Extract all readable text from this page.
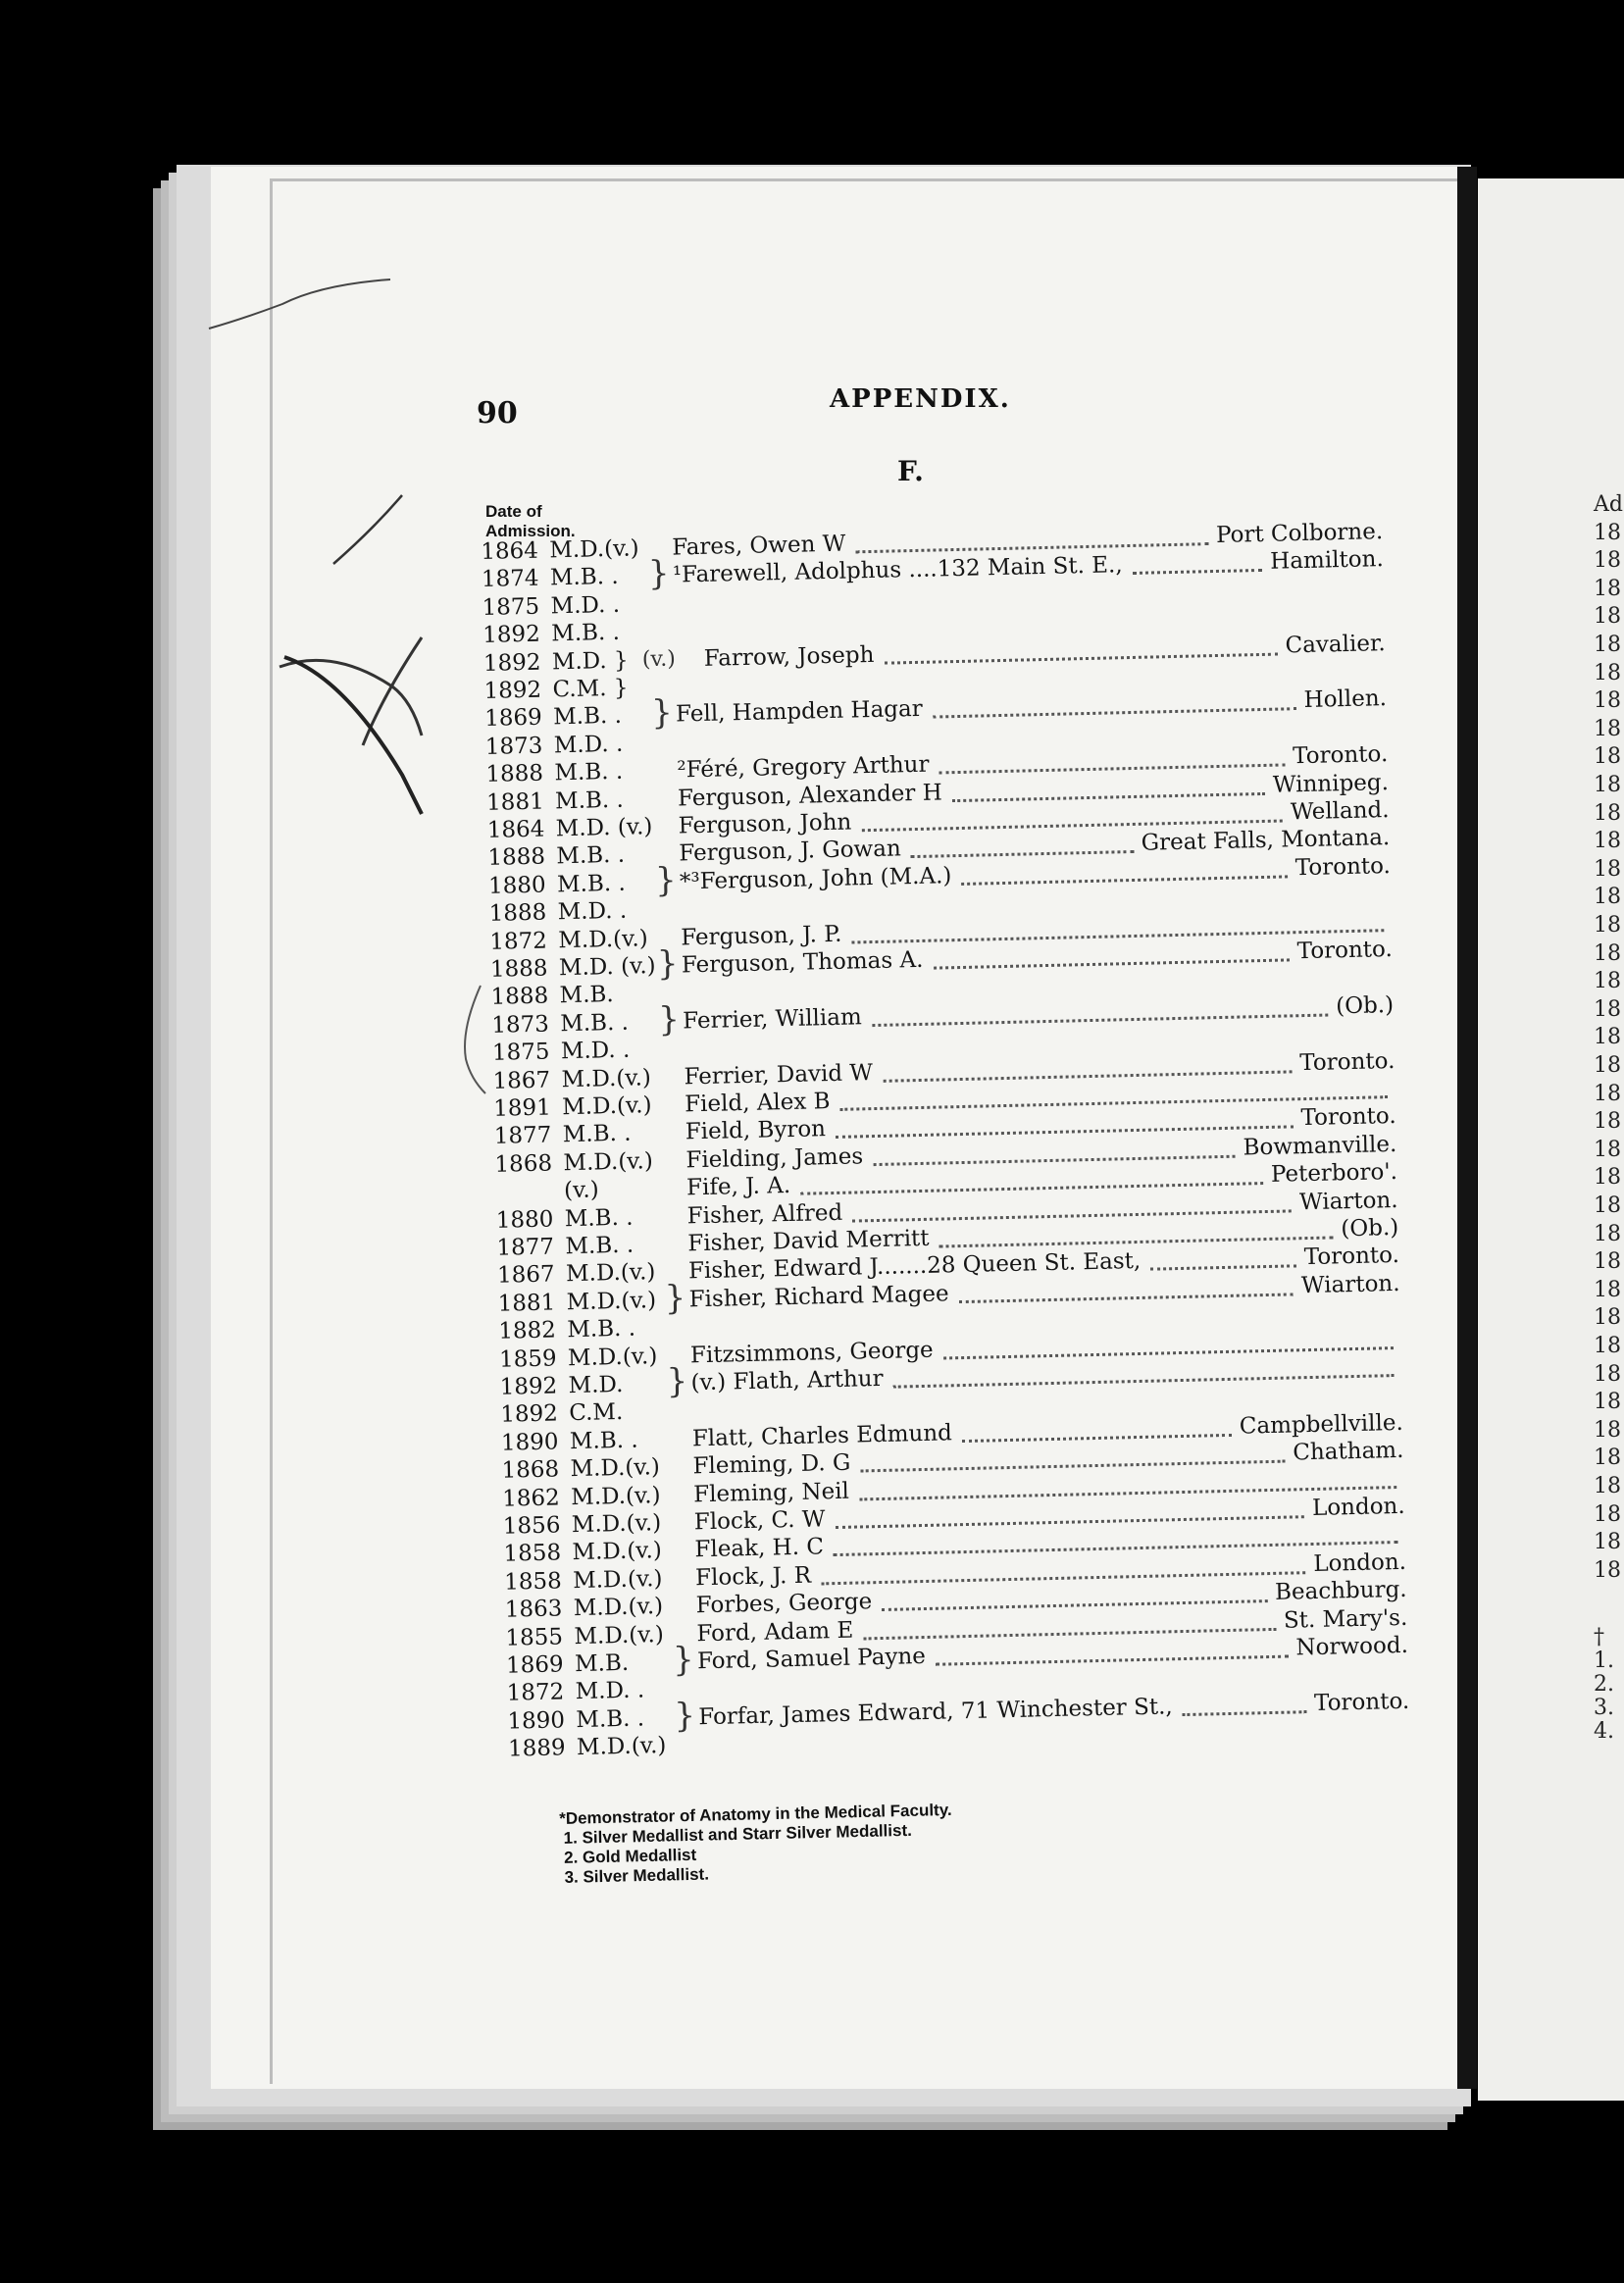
Ad
18
18
18
18
18
18
18
18
18
18
18
18
18
18
18
18
18
18
18
18
18
18
18
18
18
18
18
18
18
18
18
18
18
18
18
18
18
18
†
1.
2.
3.
4.
90	APPENDIX.
F.
Date of
Admission.
1864 M.D.(v.) Fares, Owen W	Port Colborne.
1874 M.B. . } ¹Farewell, Adolphus ....132 Main St. E.,	Hamilton.
1875 M.D. .
1892 M.B. .
1892 M.D. } (v.) Farrow, Joseph	Cavalier.
1892 C.M. }
1869 M.B. . } Fell, Hampden Hagar	Hollen.
1873 M.D. .
1888 M.B. . ²Féré, Gregory Arthur	Toronto.
1881 M.B. . Ferguson, Alexander H	Winnipeg.
1864 M.D. (v.) Ferguson, John	Welland.
1888 M.B. . Ferguson, J. Gowan	Great Falls, Montana.
1880 M.B. . } *³Ferguson, John (M.A.)	Toronto.
1888 M.D. .
1872 M.D.(v.) Ferguson, J. P.
1888 M.D. (v.) } Ferguson, Thomas A.	Toronto.
1888 M.B.
1873 M.B. . } Ferrier, William	(Ob.)
1875 M.D. .
1867 M.D.(v.) Ferrier, David W	Toronto.
1891 M.D.(v.) Field, Alex B
1877 M.B. . Field, Byron	Toronto.
1868 M.D.(v.) Fielding, James	Bowmanville.
(v.)	Fife, J. A.	Peterboro'.
1880 M.B. . Fisher, Alfred	Wiarton.
1877 M.B. . Fisher, David Merritt	(Ob.)
1867 M.D.(v.) Fisher, Edward J.......28 Queen St. East,	Toronto.
1881 M.D.(v.) } Fisher, Richard Magee	Wiarton.
1882 M.B. .
1859 M.D.(v.) Fitzsimmons, George
1892 M.D. } (v.) Flath, Arthur
1892 C.M.
1890 M.B. . Flatt, Charles Edmund	Campbellville.
1868 M.D.(v.) Fleming, D. G	Chatham.
1862 M.D.(v.) Fleming, Neil
1856 M.D.(v.) Flock, C. W	London.
1858 M.D.(v.) Fleak, H. C
1858 M.D.(v.) Flock, J. R	London.
1863 M.D.(v.) Forbes, George	Beachburg.
1855 M.D.(v.) Ford, Adam E	St. Mary's.
1869 M.B. } Ford, Samuel Payne	Norwood.
1872 M.D. .
1890 M.B. . } Forfar, James Edward, 71 Winchester St.,	Toronto.
1889 M.D.(v.)
*Demonstrator of Anatomy in the Medical Faculty.
1. Silver Medallist and Starr Silver Medallist.
2. Gold Medallist
3. Silver Medallist.
